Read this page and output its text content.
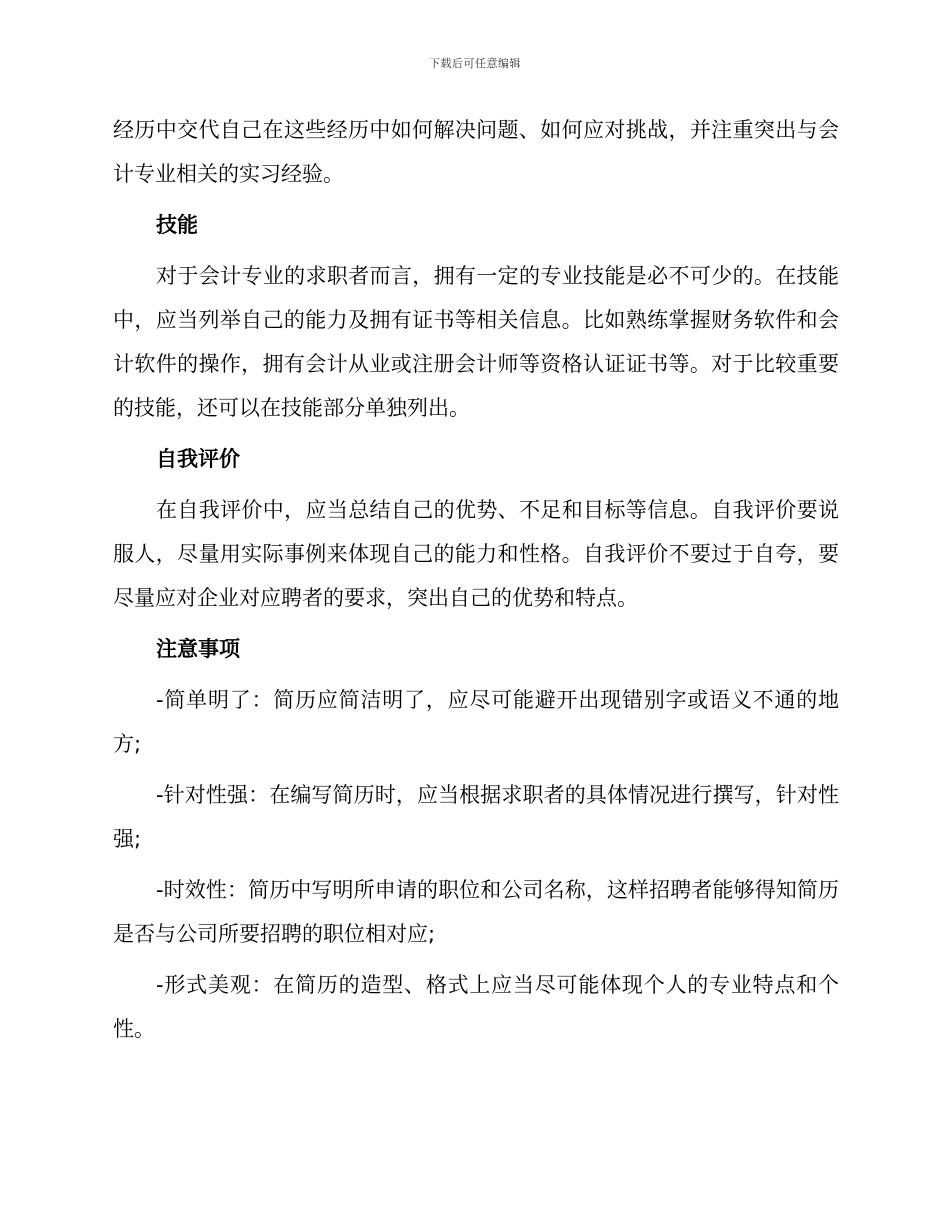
下载后可任意编辑

经历中交代自己在这些经历中如何解决问题、如何应对挑战，并注重突出与会计专业相关的实习经验。

技能

对于会计专业的求职者而言，拥有一定的专业技能是必不可少的。在技能中，应当列举自己的能力及拥有证书等相关信息。比如熟练掌握财务软件和会计软件的操作，拥有会计从业或注册会计师等资格认证证书等。对于比较重要的技能，还可以在技能部分单独列出。

自我评价

在自我评价中，应当总结自己的优势、不足和目标等信息。自我评价要说服人，尽量用实际事例来体现自己的能力和性格。自我评价不要过于自夸，要尽量应对企业对应聘者的要求，突出自己的优势和特点。

注意事项

-简单明了：简历应简洁明了，应尽可能避开出现错别字或语义不通的地方;

-针对性强：在编写简历时，应当根据求职者的具体情况进行撰写，针对性强;

-时效性：简历中写明所申请的职位和公司名称，这样招聘者能够得知简历是否与公司所要招聘的职位相对应;

-形式美观：在简历的造型、格式上应当尽可能体现个人的专业特点和个性。
